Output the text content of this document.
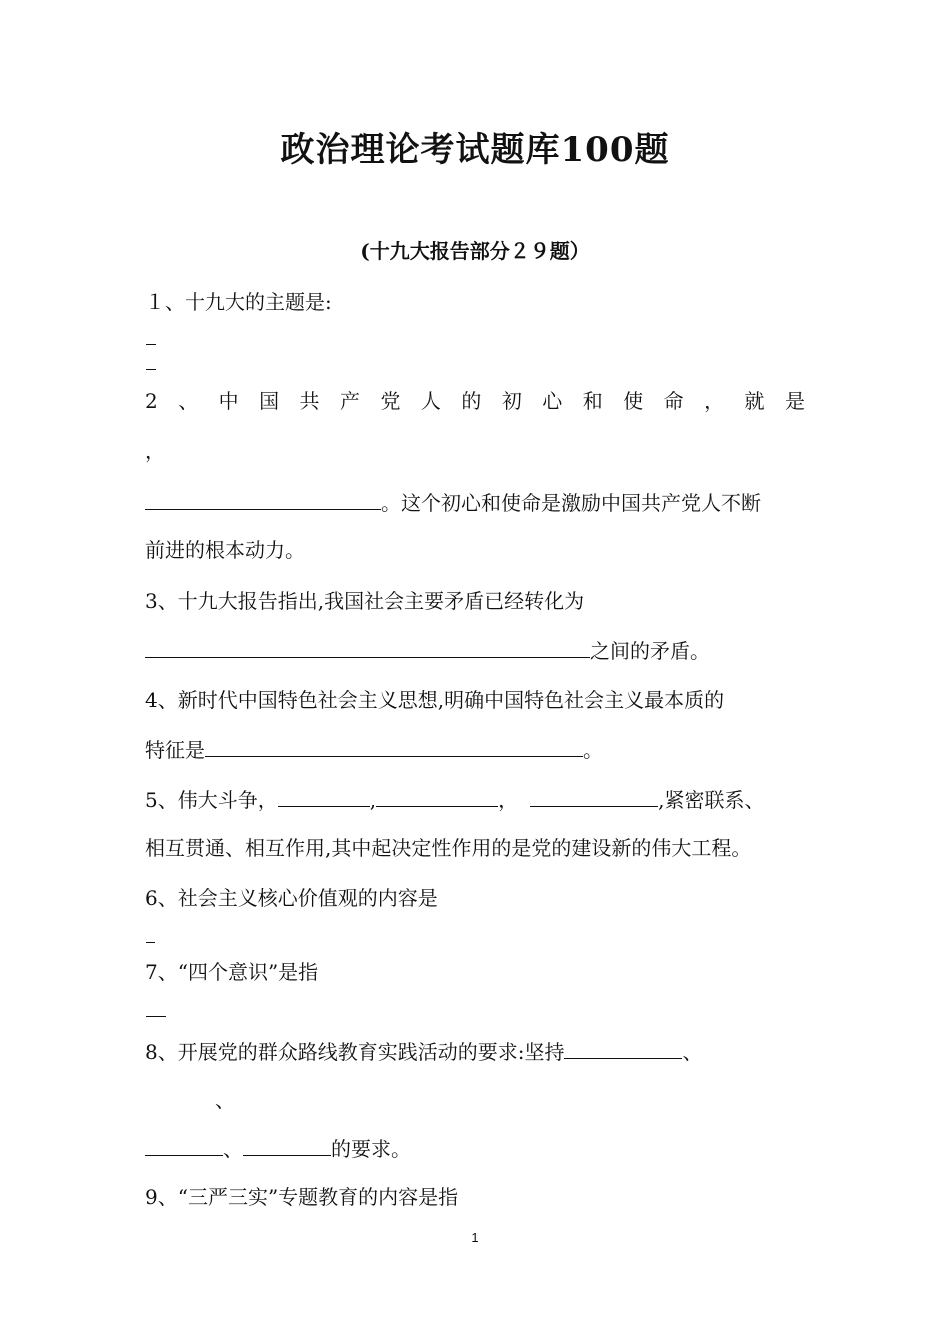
政治理论考试题库100题
(十九大报告部分２９题）
１、十九大的主题是:
2 、 中 国 共 产 党 人 的 初 心 和 使 命 ， 就 是
，
。这个初心和使命是激励中国共产党人不断
前进的根本动力。
3、十九大报告指出,我国社会主要矛盾已经转化为
之间的矛盾。
4、新时代中国特色社会主义思想,明确中国特色社会主义最本质的
特征是	。
5、伟大斗争，	,	，	,紧密联系、
相互贯通、相互作用,其中起决定性作用的是党的建设新的伟大工程。
6、社会主义核心价值观的内容是
7、“四个意识”是指
8、开展党的群众路线教育实践活动的要求:坚持	、
、
、	的要求。
9、“三严三实”专题教育的内容是指
1
